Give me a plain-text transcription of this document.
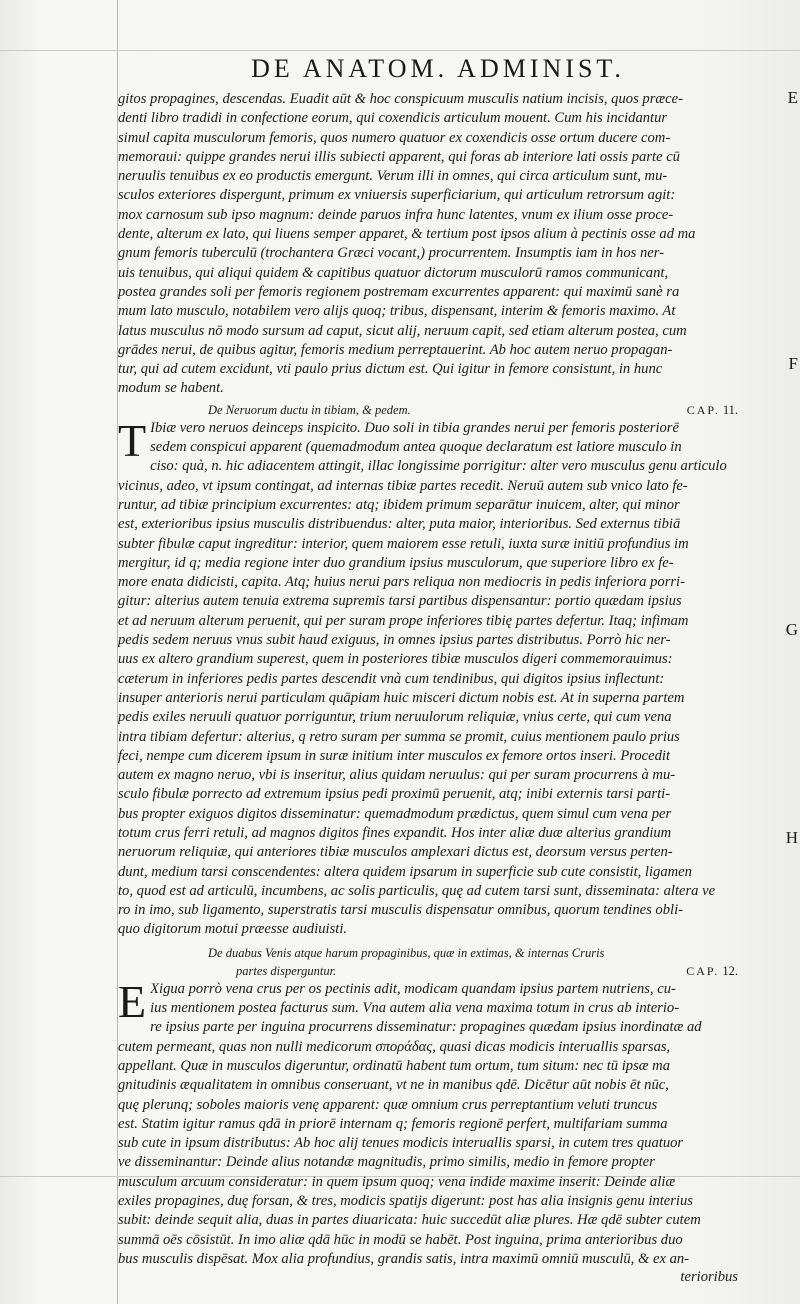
DE ANATOM. ADMINIST.
gitos propagines, descendas. Euadit aūt & hoc conspicuum musculis natium incisis, quos præce-
denti libro tradidi in confectione eorum, qui coxendicis articulum mouent. Cum his incidantur
simul capita musculorum femoris, quos numero quatuor ex coxendicis osse ortum ducere com-
memoraui: quippe grandes nerui illis subiecti apparent, qui foras ab interiore lati ossis parte cū
neruulis tenuibus ex eo productis emergunt. Verum illi in omnes, qui circa articulum sunt, mu-
sculos exteriores dispergunt, primum ex vniuersis superficiarium, qui articulum retrorsum agit:
mox carnosum sub ipso magnum: deinde paruos infra hunc latentes, vnum ex ilium osse proce-
dente, alterum ex lato, qui liuens semper apparet, & tertium post ipsos alium à pectinis osse ad ma
gnum femoris tuberculū (trochantera Græci vocant,) procurrentem. Insumptis iam in hos ner-
uis tenuibus, qui aliqui quidem & capitibus quatuor dictorum musculorū ramos communicant,
postea grandes soli per femoris regionem postremam excurrentes apparent: qui maximū sanè ra
mum lato musculo, notabilem vero alijs quoq; tribus, dispensant, interim & femoris maximo. At
latus musculus nō modo sursum ad caput, sicut alij, neruum capit, sed etiam alterum postea, cum
grādes nerui, de quibus agitur, femoris medium perreptauerint. Ab hoc autem neruo propagan-
tur, qui ad cutem excidunt, vti paulo prius dictum est. Qui igitur in femore consistunt, in hunc
modum se habent.
De Neruorum ductu in tibiam, & pedem.	CAP. 11.
T Ibiæ vero neruos deinceps inspicito. Duo soli in tibia grandes nerui per femoris posteriorē
sedem conspicui apparent (quemadmodum antea quoque declaratum est latiore musculo in
ciso: quà, n. hic adiacentem attingit, illac longissime porrigitur: alter vero musculus genu articulo
vicinus, adeo, vt ipsum contingat, ad internas tibiæ partes recedit. Neruū autem sub vnico lato fe-
runtur, ad tibiæ principium excurrentes: atq; ibidem primum separātur inuicem, alter, qui minor
est, exterioribus ipsius musculis distribuendus: alter, puta maior, interioribus. Sed externus tibiā
subter fibulæ caput ingreditur: interior, quem maiorem esse retuli, iuxta suræ initiū profundius im
mergitur, id q; media regione inter duo grandium ipsius musculorum, que superiore libro ex fe-
more enata didicisti, capita. Atq; huius nerui pars reliqua non mediocris in pedis inferiora porri-
gitur: alterius autem tenuia extrema supremis tarsi partibus dispensantur: portio quædam ipsius
et ad neruum alterum peruenit, qui per suram prope inferiores tibię partes defertur. Itaq; infimam
pedis sedem neruus vnus subit haud exiguus, in omnes ipsius partes distributus. Porrò hic ner-
uus ex altero grandium superest, quem in posteriores tibiæ musculos digeri commemorauimus:
cæterum in inferiores pedis partes descendit vnà cum tendinibus, qui digitos ipsius inflectunt:
insuper anterioris nerui particulam quāpiam huic misceri dictum nobis est. At in superna partem
pedis exiles neruuli quatuor porriguntur, trium neruulorum reliquiæ, vnius certe, qui cum vena
intra tibiam defertur: alterius, q retro suram per summa se promit, cuius mentionem paulo prius
feci, nempe cum dicerem ipsum in suræ initium inter musculos ex femore ortos inseri. Procedit
autem ex magno neruo, vbi is inseritur, alius quidam neruulus: qui per suram procurrens à mu-
sculo fibulæ porrecto ad extremum ipsius pedi proximū peruenit, atq; inibi externis tarsi parti-
bus propter exiguos digitos disseminatur: quemadmodum prædictus, quem simul cum vena per
totum crus ferri retuli, ad magnos digitos fines expandit. Hos inter aliæ duæ alterius grandium
neruorum reliquiæ, qui anteriores tibiæ musculos amplexari dictus est, deorsum versus perten-
dunt, medium tarsi conscendentes: altera quidem ipsarum in superficie sub cute consistit, ligamen
to, quod est ad articulū, incumbens, ac solis particulis, quę ad cutem tarsi sunt, disseminata: altera ve
ro in imo, sub ligamento, superstratis tarsi musculis dispensatur omnibus, quorum tendines obli-
quo digitorum motui præesse audiuisti.
De duabus Venis atque harum propaginibus, quæ in extimas, & internas Cruris
partes disperguntur.	CAP. 12.
E Xigua porrò vena crus per os pectinis adit, modicam quandam ipsius partem nutriens, cu-
ius mentionem postea facturus sum. Vna autem alia vena maxima totum in crus ab interio-
re ipsius parte per inguina procurrens disseminatur: propagines quædam ipsius inordinatæ ad
cutem permeant, quas non nulli medicorum σποράδας, quasi dicas modicis interuallis sparsas,
appellant. Quæ in musculos digeruntur, ordinatū habent tum ortum, tum situm: nec tū ipsæ ma
gnitudinis æqualitatem in omnibus conseruant, vt ne in manibus qdē. Dicētur aūt nobis ēt nūc,
quę plerunq; soboles maioris venę apparent: quæ omnium crus perreptantium veluti truncus
est. Statim igitur ramus qdā in priorē internam q; femoris regionē perfert, multifariam summa
sub cute in ipsum distributus: Ab hoc alij tenues modicis interuallis sparsi, in cutem tres quatuor
ve disseminantur: Deinde alius notandæ magnitudis, primo similis, medio in femore propter
musculum arcuum consideratur: in quem ipsum quoq; vena indide maxime inserit: Deinde aliæ
exiles propagines, duę forsan, & tres, modicis spatijs digerunt: post has alia insignis genu interius
subit: deinde sequit alia, duas in partes diuaricata: huic succedūt aliæ plures. Hæ qdē subter cutem
summā oēs cōsistūt. In imo aliæ qdā hūc in modū se habēt. Post inguina, prima anterioribus duo
bus musculis dispēsat. Mox alia profundius, grandis satis, intra maximū omniū musculū, & ex an-

terioribus

E
F
G
H
